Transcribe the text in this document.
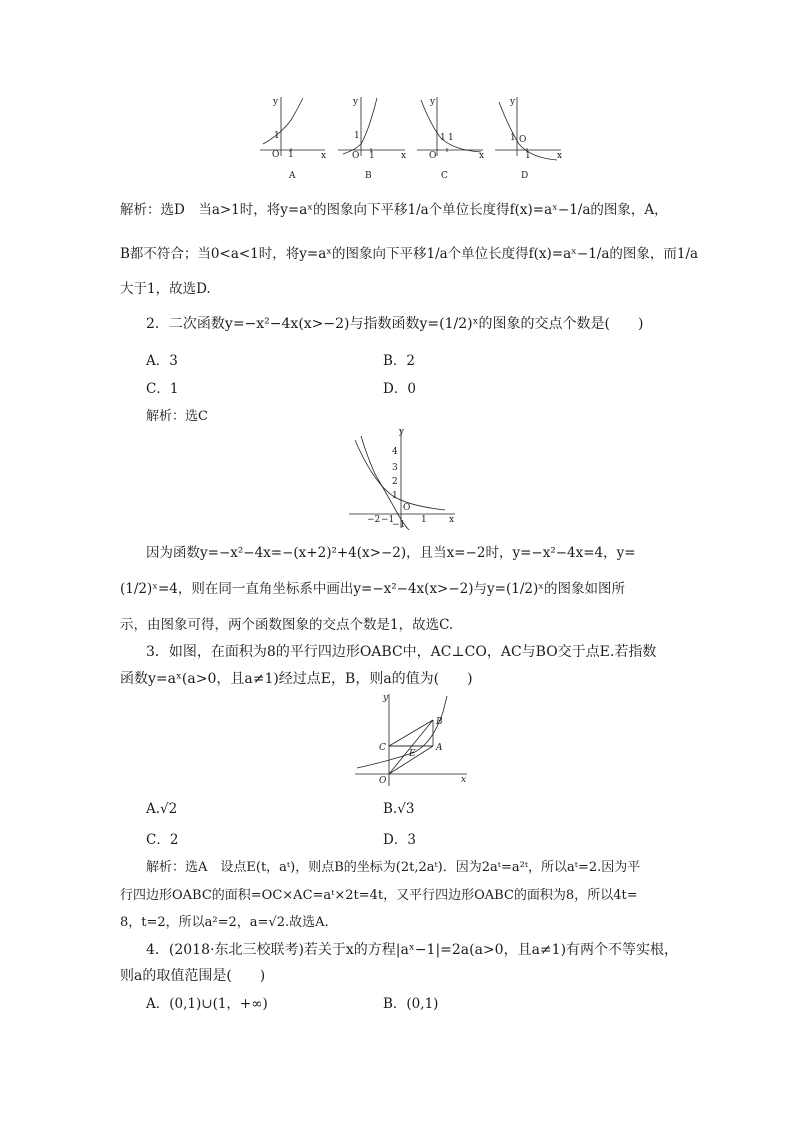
y
x
O 1
1
y
x
O 1
1
y
x
O
1 1
y
x
O
1
1
A	B	C	D
解析：选D　当a>1时，将y=aˣ的图象向下平移1/a个单位长度得f(x)=aˣ−1/a的图象，A，
B都不符合；当0<a<1时，将y=aˣ的图象向下平移1/a个单位长度得f(x)=aˣ−1/a的图象，而1/a
大于1，故选D.
2．二次函数y=−x²−4x(x>−2)与指数函数y=(1/2)ˣ的图象的交点个数是(　　)
A．3	B．2
C．1	D．0
解析：选C
y
x
4
3
2
1
−1
−2 −1	1
O
因为函数y=−x²−4x=−(x+2)²+4(x>−2)，且当x=−2时，y=−x²−4x=4，y=
(1/2)ˣ=4，则在同一直角坐标系中画出y=−x²−4x(x>−2)与y=(1/2)ˣ的图象如图所
示，由图象可得，两个函数图象的交点个数是1，故选C.
3．如图，在面积为8的平行四边形OABC中，AC⊥CO，AC与BO交于点E.若指数
函数y=aˣ(a>0，且a≠1)经过点E，B，则a的值为(　　)
y
x
O
A
B
C
E
A.√2	B.√3
C．2	D．3
解析：选A　设点E(t，aᵗ)，则点B的坐标为(2t,2aᵗ)．因为2aᵗ=a²ᵗ，所以aᵗ=2.因为平
行四边形OABC的面积=OC×AC=aᵗ×2t=4t，又平行四边形OABC的面积为8，所以4t=
8，t=2，所以a²=2，a=√2.故选A.
4．(2018·东北三校联考)若关于x的方程|aˣ−1|=2a(a>0，且a≠1)有两个不等实根，
则a的取值范围是(　　)
A．(0,1)∪(1，+∞)	B．(0,1)
